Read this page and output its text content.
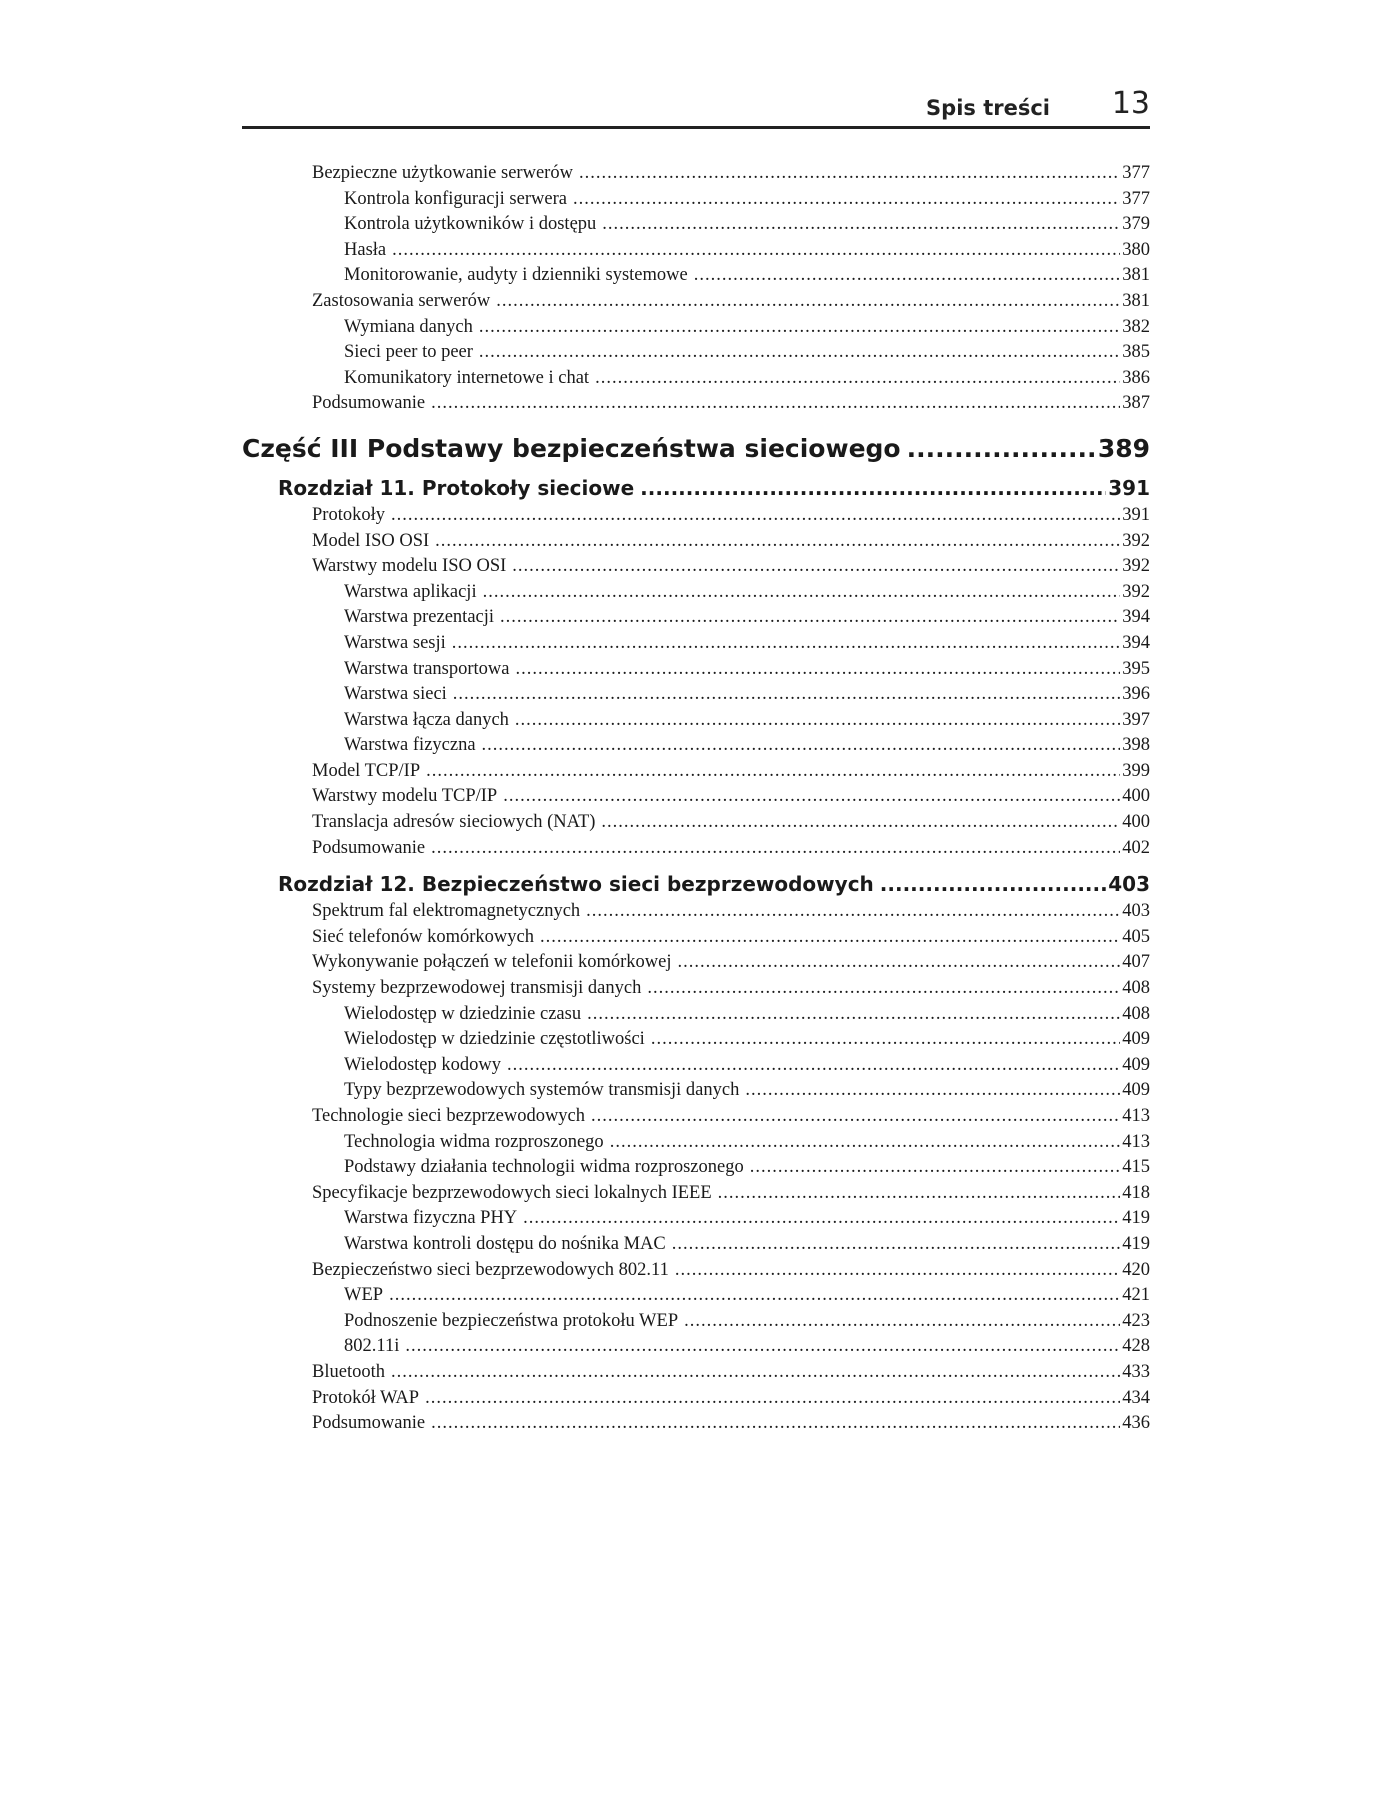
Spis treści 13
Bezpieczne użytkowanie serwerów .....	377
Kontrola konfiguracji serwera .....	377
Kontrola użytkowników i dostępu .....	379
Hasła .....	380
Monitorowanie, audyty i dzienniki systemowe .....	381
Zastosowania serwerów .....	381
Wymiana danych .....	382
Sieci peer to peer .....	385
Komunikatory internetowe i chat .....	386
Podsumowanie .....	387
Część III Podstawy bezpieczeństwa sieciowego .....	389
Rozdział 11. Protokoły sieciowe .....	391
Protokoły .....	391
Model ISO OSI .....	392
Warstwy modelu ISO OSI .....	392
Warstwa aplikacji .....	392
Warstwa prezentacji .....	394
Warstwa sesji .....	394
Warstwa transportowa .....	395
Warstwa sieci .....	396
Warstwa łącza danych .....	397
Warstwa fizyczna .....	398
Model TCP/IP .....	399
Warstwy modelu TCP/IP .....	400
Translacja adresów sieciowych (NAT) .....	400
Podsumowanie .....	402
Rozdział 12. Bezpieczeństwo sieci bezprzewodowych .....	403
Spektrum fal elektromagnetycznych .....	403
Sieć telefonów komórkowych .....	405
Wykonywanie połączeń w telefonii komórkowej .....	407
Systemy bezprzewodowej transmisji danych .....	408
Wielodostęp w dziedzinie czasu .....	408
Wielodostęp w dziedzinie częstotliwości .....	409
Wielodostęp kodowy .....	409
Typy bezprzewodowych systemów transmisji danych .....	409
Technologie sieci bezprzewodowych .....	413
Technologia widma rozproszonego .....	413
Podstawy działania technologii widma rozproszonego .....	415
Specyfikacje bezprzewodowych sieci lokalnych IEEE .....	418
Warstwa fizyczna PHY .....	419
Warstwa kontroli dostępu do nośnika MAC .....	419
Bezpieczeństwo sieci bezprzewodowych 802.11 .....	420
WEP .....	421
Podnoszenie bezpieczeństwa protokołu WEP .....	423
802.11i .....	428
Bluetooth .....	433
Protokół WAP .....	434
Podsumowanie .....	436
